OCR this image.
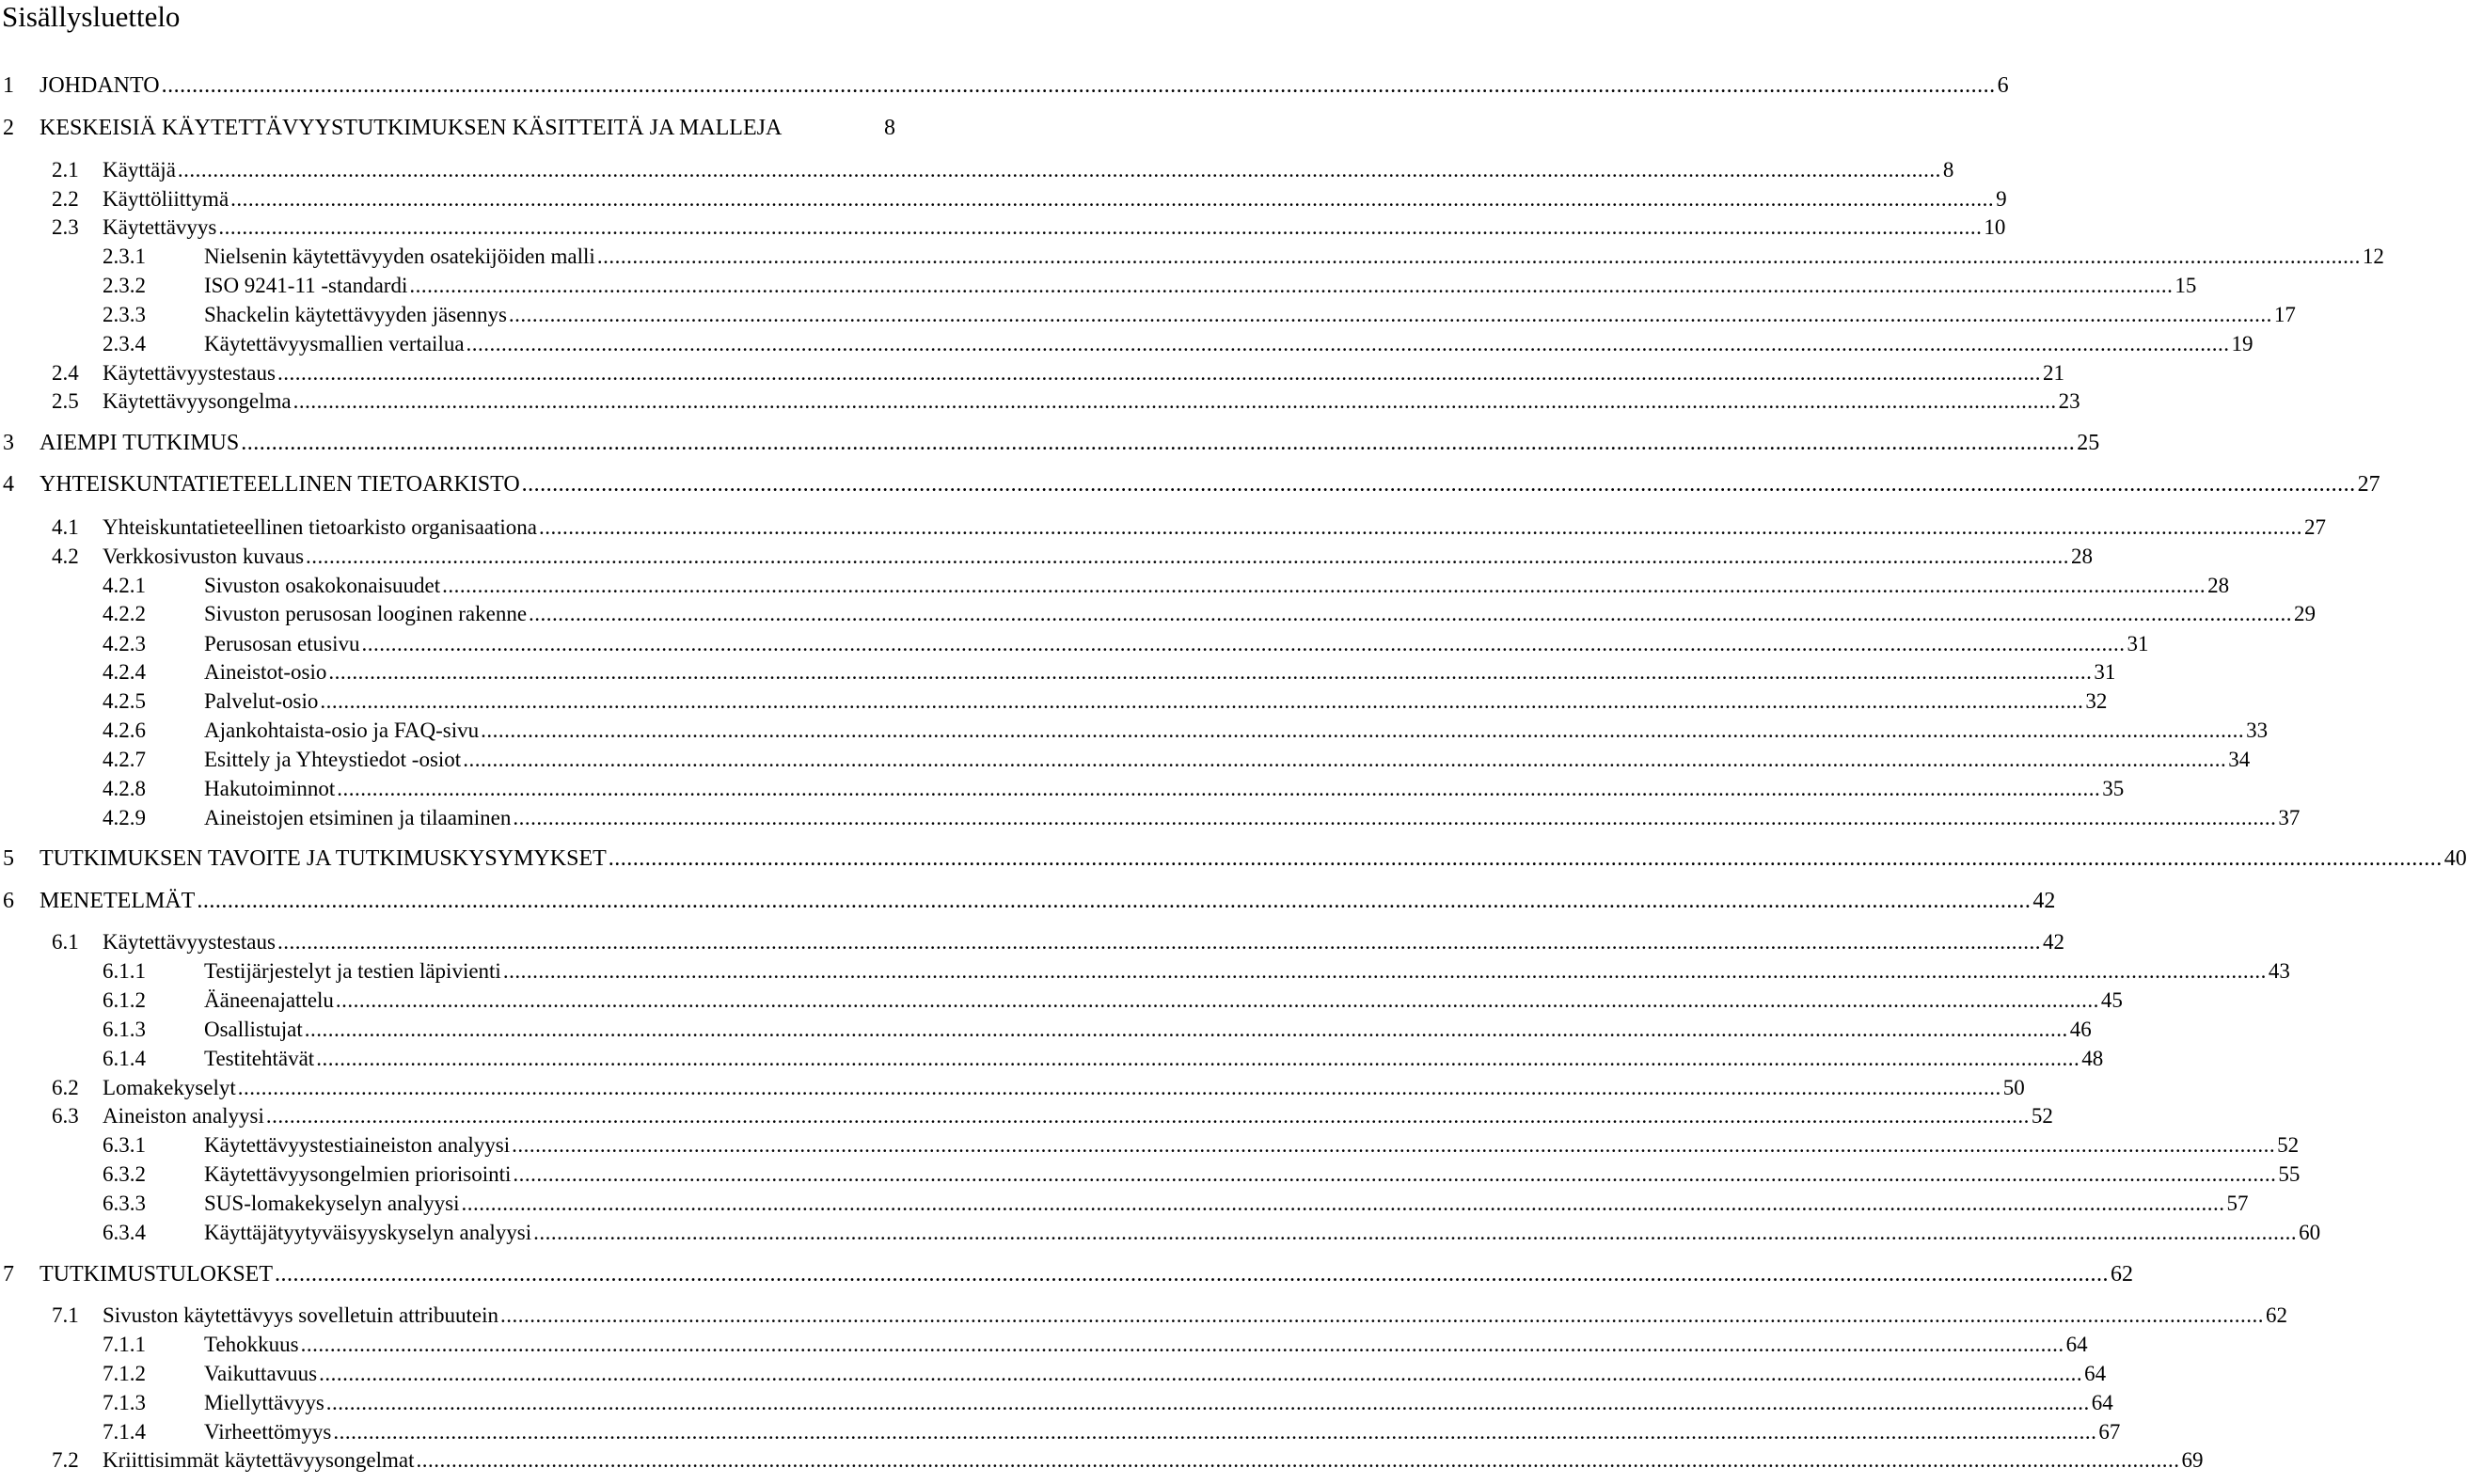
Sisällysluettelo
1 JOHDANTO ............................................................................................................................................................................................................................................................................................................ 6
2 KESKEISIÄ KÄYTETTÄVYYSTUTKIMUKSEN KÄSITTEITÄ JA MALLEJA	8
2.1 Käyttäjä ............................................................................................................................................................................................................................................................................................................ 8
2.2 Käyttöliittymä ............................................................................................................................................................................................................................................................................................................ 9
2.3 Käytettävyys ............................................................................................................................................................................................................................................................................................................ 10
2.3.1	Nielsenin käytettävyyden osatekijöiden malli ............................................................................................................................................................................................................................................................................................................ 12
2.3.2	ISO 9241-11 -standardi ............................................................................................................................................................................................................................................................................................................ 15
2.3.3	Shackelin käytettävyyden jäsennys ............................................................................................................................................................................................................................................................................................................ 17
2.3.4	Käytettävyysmallien vertailua ............................................................................................................................................................................................................................................................................................................ 19
2.4 Käytettävyystestaus ............................................................................................................................................................................................................................................................................................................ 21
2.5 Käytettävyysongelma ............................................................................................................................................................................................................................................................................................................ 23
3 AIEMPI TUTKIMUS ............................................................................................................................................................................................................................................................................................................ 25
4 YHTEISKUNTATIETEELLINEN TIETOARKISTO ............................................................................................................................................................................................................................................................................................................ 27
4.1 Yhteiskuntatieteellinen tietoarkisto organisaationa ............................................................................................................................................................................................................................................................................................................ 27
4.2 Verkkosivuston kuvaus ............................................................................................................................................................................................................................................................................................................ 28
4.2.1	Sivuston osakokonaisuudet ............................................................................................................................................................................................................................................................................................................ 28
4.2.2	Sivuston perusosan looginen rakenne ............................................................................................................................................................................................................................................................................................................ 29
4.2.3	Perusosan etusivu ............................................................................................................................................................................................................................................................................................................ 31
4.2.4	Aineistot-osio ............................................................................................................................................................................................................................................................................................................ 31
4.2.5	Palvelut-osio ............................................................................................................................................................................................................................................................................................................ 32
4.2.6	Ajankohtaista-osio ja FAQ-sivu ............................................................................................................................................................................................................................................................................................................ 33
4.2.7	Esittely ja Yhteystiedot -osiot ............................................................................................................................................................................................................................................................................................................ 34
4.2.8	Hakutoiminnot ............................................................................................................................................................................................................................................................................................................ 35
4.2.9	Aineistojen etsiminen ja tilaaminen ............................................................................................................................................................................................................................................................................................................ 37
5 TUTKIMUKSEN TAVOITE JA TUTKIMUSKYSYMYKSET ............................................................................................................................................................................................................................................................................................................ 40
6 MENETELMÄT ............................................................................................................................................................................................................................................................................................................ 42
6.1 Käytettävyystestaus ............................................................................................................................................................................................................................................................................................................ 42
6.1.1	Testijärjestelyt ja testien läpivienti ............................................................................................................................................................................................................................................................................................................ 43
6.1.2	Ääneenajattelu ............................................................................................................................................................................................................................................................................................................ 45
6.1.3	Osallistujat ............................................................................................................................................................................................................................................................................................................ 46
6.1.4	Testitehtävät ............................................................................................................................................................................................................................................................................................................ 48
6.2 Lomakekyselyt ............................................................................................................................................................................................................................................................................................................ 50
6.3 Aineiston analyysi ............................................................................................................................................................................................................................................................................................................ 52
6.3.1	Käytettävyystestiaineiston analyysi ............................................................................................................................................................................................................................................................................................................ 52
6.3.2	Käytettävyysongelmien priorisointi ............................................................................................................................................................................................................................................................................................................ 55
6.3.3	SUS-lomakekyselyn analyysi ............................................................................................................................................................................................................................................................................................................ 57
6.3.4	Käyttäjätyytyväisyyskyselyn analyysi ............................................................................................................................................................................................................................................................................................................ 60
7 TUTKIMUSTULOKSET ............................................................................................................................................................................................................................................................................................................ 62
7.1 Sivuston käytettävyys sovelletuin attribuutein ............................................................................................................................................................................................................................................................................................................ 62
7.1.1	Tehokkuus ............................................................................................................................................................................................................................................................................................................ 64
7.1.2	Vaikuttavuus ............................................................................................................................................................................................................................................................................................................ 64
7.1.3	Miellyttävyys ............................................................................................................................................................................................................................................................................................................ 64
7.1.4	Virheettömyys ............................................................................................................................................................................................................................................................................................................ 67
7.2 Kriittisimmät käytettävyysongelmat ............................................................................................................................................................................................................................................................................................................ 69
